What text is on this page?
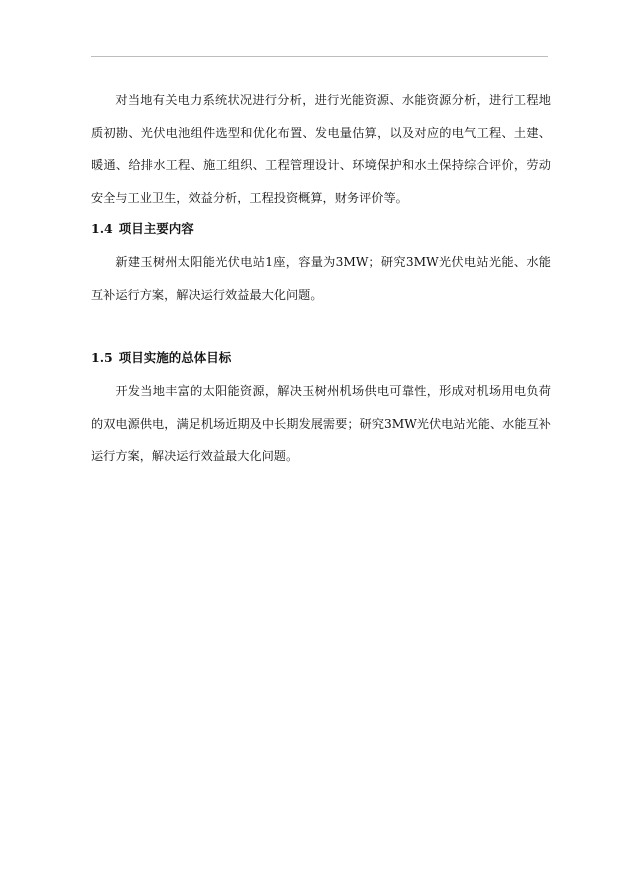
对当地有关电力系统状况进行分析，进行光能资源、水能资源分析，进行工程地质初勘、光伏电池组件选型和优化布置、发电量估算，以及对应的电气工程、土建、暖通、给排水工程、施工组织、工程管理设计、环境保护和水土保持综合评价，劳动安全与工业卫生，效益分析，工程投资概算，财务评价等。

1.4 项目主要内容

新建玉树州太阳能光伏电站1座，容量为3MW；研究3MW光伏电站光能、水能互补运行方案，解决运行效益最大化问题。

1.5 项目实施的总体目标

开发当地丰富的太阳能资源，解决玉树州机场供电可靠性，形成对机场用电负荷的双电源供电，满足机场近期及中长期发展需要；研究3MW光伏电站光能、水能互补运行方案，解决运行效益最大化问题。
